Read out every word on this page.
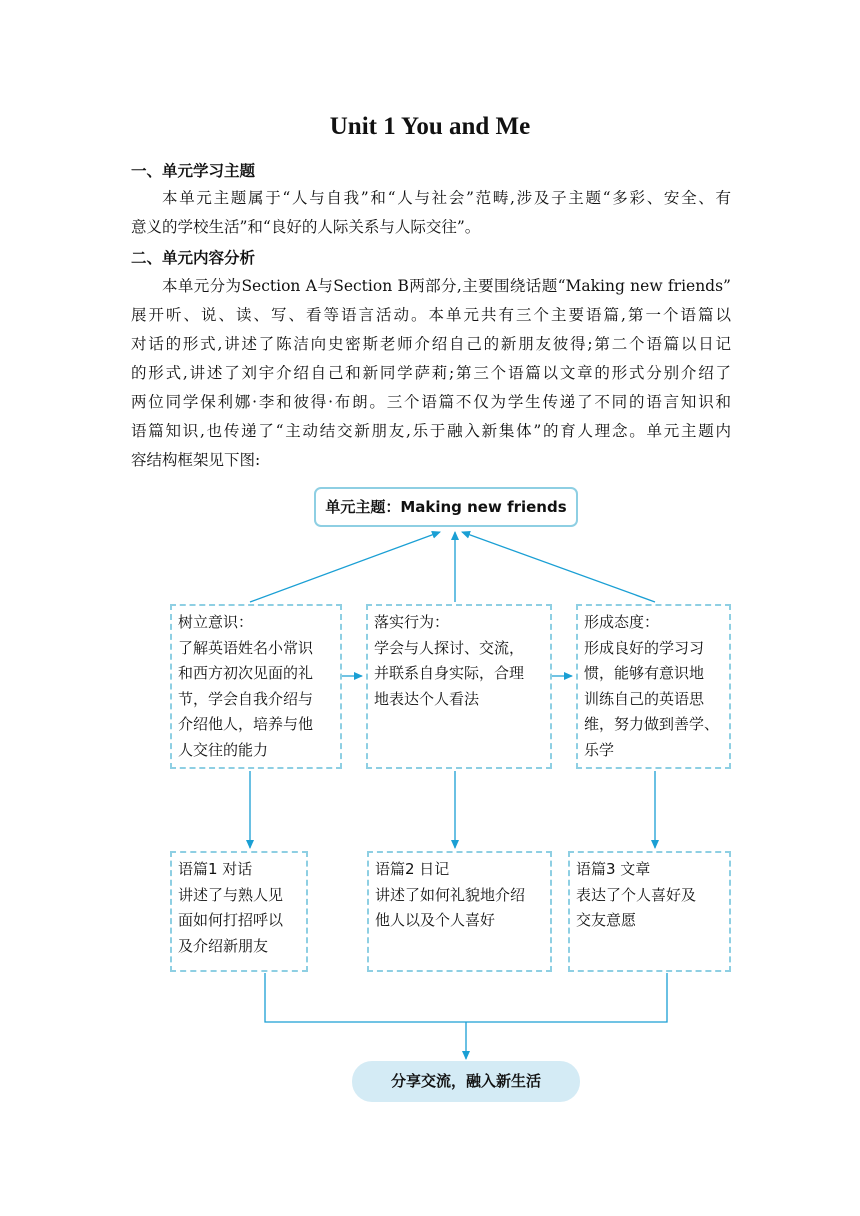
Unit 1 You and Me
一、单元学习主题
本单元主题属于“人与自我”和“人与社会”范畴,涉及子主题“多彩、安全、有
意义的学校生活”和“良好的人际关系与人际交往”。
二、单元内容分析
本单元分为Section A与Section B两部分,主要围绕话题“Making new friends”
展开听、说、读、写、看等语言活动。本单元共有三个主要语篇,第一个语篇以
对话的形式,讲述了陈洁向史密斯老师介绍自己的新朋友彼得;第二个语篇以日记
的形式,讲述了刘宇介绍自己和新同学萨莉;第三个语篇以文章的形式分别介绍了
两位同学保利娜·李和彼得·布朗。三个语篇不仅为学生传递了不同的语言知识和
语篇知识,也传递了“主动结交新朋友,乐于融入新集体”的育人理念。单元主题内
容结构框架见下图:
单元主题：Making new friends
树立意识：
了解英语姓名小常识
和西方初次见面的礼
节，学会自我介绍与
介绍他人，培养与他
人交往的能力
落实行为：
学会与人探讨、交流，
并联系自身实际，合理
地表达个人看法
形成态度：
形成良好的学习习
惯，能够有意识地
训练自己的英语思
维，努力做到善学、
乐学
语篇1 对话
讲述了与熟人见
面如何打招呼以
及介绍新朋友
语篇2 日记
讲述了如何礼貌地介绍
他人以及个人喜好
语篇3 文章
表达了个人喜好及
交友意愿
分享交流，融入新生活
